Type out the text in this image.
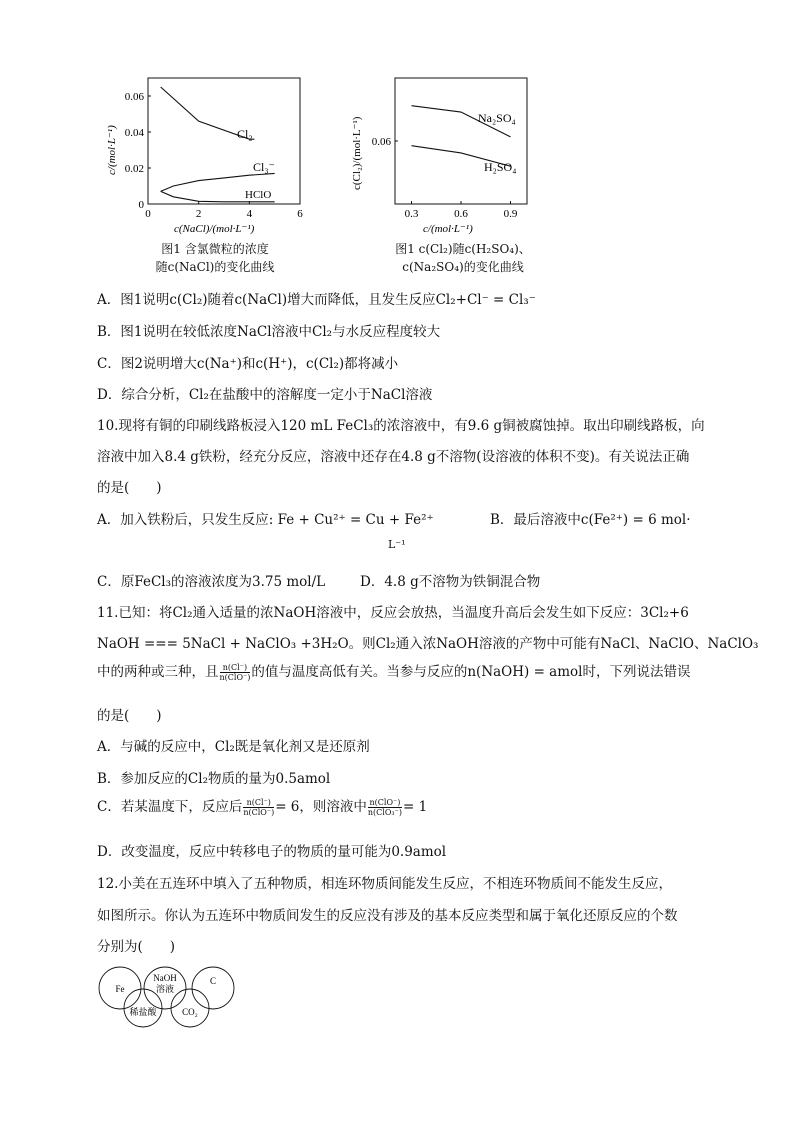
0	2	4	6
0.06
0.04
0.02
0
Cl₂
Cl₃⁻
HClO
c/(mol·L⁻¹)
c(NaCl)/(mol·L⁻¹)
图1 含氯微粒的浓度
随c(NaCl)的变化曲线
0.3	0.6	0.9
0.06
Na₂SO₄
H₂SO₄
c(Cl₂)/(mol·L⁻¹)
c/(mol·L⁻¹)
图1 c(Cl₂)随c(H₂SO₄)、
c(Na₂SO₄)的变化曲线
A．图1说明c(Cl₂)随着c(NaCl)增大而降低，且发生反应Cl₂+Cl⁻ = Cl₃⁻
B．图1说明在较低浓度NaCl溶液中Cl₂与水反应程度较大
C．图2说明增大c(Na⁺)和c(H⁺)，c(Cl₂)都将减小
D．综合分析，Cl₂在盐酸中的溶解度一定小于NaCl溶液
10.现将有铜的印刷线路板浸入120 mL FeCl₃的浓溶液中，有9.6 g铜被腐蚀掉。取出印刷线路板，向
溶液中加入8.4 g铁粉，经充分反应，溶液中还存在4.8 g不溶物(设溶液的体积不变)。有关说法正确
的是(　　)
A．加入铁粉后，只发生反应: Fe + Cu²⁺ = Cu + Fe²⁺	B．最后溶液中c(Fe²⁺) = 6 mol·
L⁻¹
C．原FeCl₃的溶液浓度为3.75 mol/L	D．4.8 g不溶物为铁铜混合物
11.已知：将Cl₂通入适量的浓NaOH溶液中，反应会放热，当温度升高后会发生如下反应：3Cl₂+6
NaOH === 5NaCl + NaClO₃ +3H₂O。则Cl₂通入浓NaOH溶液的产物中可能有NaCl、NaClO、NaClO₃
中的两种或三种，且 $\frac{n(Cl^-)}{\text{n(ClO⁻)}}$ 的值与温度高低有关。当参与反应的n(NaOH) = amol时，下列说法错误
的是(　　)
A．与碱的反应中，Cl₂既是氧化剂又是还原剂
B．参加反应的Cl₂物质的量为0.5amol
C．若某温度下，反应后 $\frac{n(Cl^-)}{\text{n(ClO⁻)}} = 6$，则溶液中 $\frac{\text{n(ClO⁻)}}{\text{n(ClO₃⁻)}} = 1$
D．改变温度，反应中转移电子的物质的量可能为0.9amol
12.小美在五连环中填入了五种物质，相连环物质间能发生反应，不相连环物质间不能发生反应，
如图所示。你认为五连环中物质间发生的反应没有涉及的基本反应类型和属于氧化还原反应的个数
分别为(　　)
Fe
稀盐酸
NaOH
溶液
CO₂
C
